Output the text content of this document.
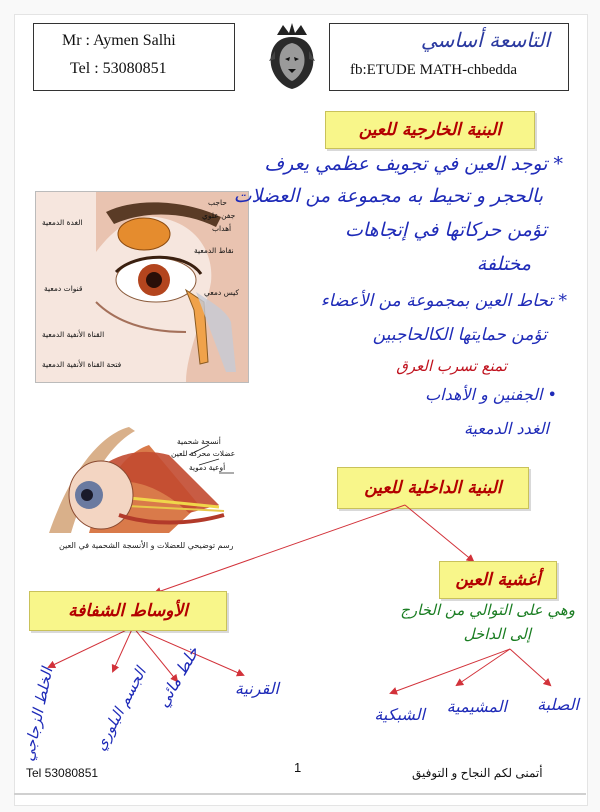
Mr : Aymen Salhi
Tel : 53080851
التاسعة أساسي
fb:ETUDE MATH-chbedda
البنية الخارجية للعين
حاجب
جفن علوي
أهداب
نقاط الدمعية
كيس دمعي
الغدة الدمعية
قنوات دمعية
القناة الأنفية الدمعية
فتحة القناة الأنفية الدمعية
* توجد العين في تجويف عظمي يعرف
بالحجر و تحيط به مجموعة من العضلات
تؤمن حركاتها في إتجاهات
مختلفة
* تحاط العين بمجموعة من الأعضاء
تؤمن حمايتها الكالحاجبين
تمنع تسرب العرق
• الجفنين و الأهداب
الغدد الدمعية
أنسجة شحمية
عضلات محركة للعين
أوعية دموية
رسم توضيحي للعضلات و الأنسجة الشحمية في العين
البنية الداخلية للعين
أغشية العين
وهي على التوالي من الخارج
إلى الداخل
الصلبة
المشيمية
الشبكية
الأوساط الشفافة
القرنية
خلط مائي
الجسم البلوري
الخلط الزجاجي
Tel 53080851	1	أتمنى لكم النجاح و التوفيق
